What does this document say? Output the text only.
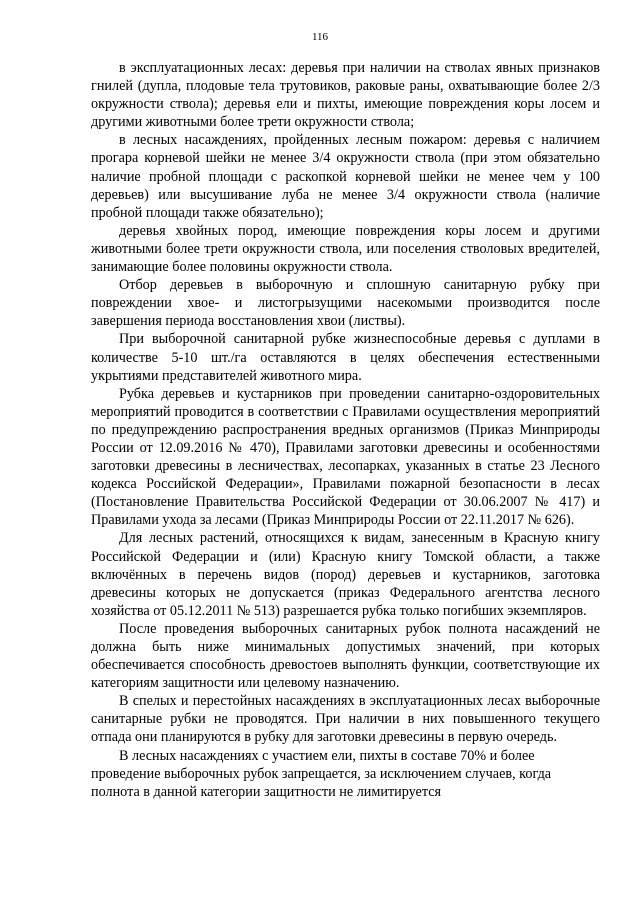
116

в эксплуатационных лесах: деревья при наличии на стволах явных признаков гнилей (дупла, плодовые тела трутовиков, раковые раны, охватывающие более 2/3 окружности ствола); деревья ели и пихты, имеющие повреждения коры лосем и другими животными более трети окружности ствола;

в лесных насаждениях, пройденных лесным пожаром: деревья с наличием прогара корневой шейки не менее 3/4 окружности ствола (при этом обязательно наличие пробной площади с раскопкой корневой шейки не менее чем у 100 деревьев) или высушивание луба не менее 3/4 окружности ствола (наличие пробной площади также обязательно);

деревья хвойных пород, имеющие повреждения коры лосем и другими животными более трети окружности ствола, или поселения стволовых вредителей, занимающие более половины окружности ствола.

Отбор деревьев в выборочную и сплошную санитарную рубку при повреждении хвое- и листогрызущими насекомыми производится после завершения периода восстановления хвои (листвы).

При выборочной санитарной рубке жизнеспособные деревья с дуплами в количестве 5-10 шт./га оставляются в целях обеспечения естественными укрытиями представителей животного мира.

Рубка деревьев и кустарников при проведении санитарно-оздоровительных мероприятий проводится в соответствии с Правилами осуществления мероприятий по предупреждению распространения вредных организмов (Приказ Минприроды России от 12.09.2016 № 470), Правилами заготовки древесины и особенностями заготовки древесины в лесничествах, лесопарках, указанных в статье 23 Лесного кодекса Российской Федерации», Правилами пожарной безопасности в лесах (Постановление Правительства Российской Федерации от 30.06.2007 № 417) и Правилами ухода за лесами (Приказ Минприроды России от 22.11.2017 № 626).

Для лесных растений, относящихся к видам, занесенным в Красную книгу Российской Федерации и (или) Красную книгу Томской области, а также включённых в перечень видов (пород) деревьев и кустарников, заготовка древесины которых не допускается (приказ Федерального агентства лесного хозяйства от 05.12.2011 № 513) разрешается рубка только погибших экземпляров.

После проведения выборочных санитарных рубок полнота насаждений не должна быть ниже минимальных допустимых значений, при которых обеспечивается способность древостоев выполнять функции, соответствующие их категориям защитности или целевому назначению.

В спелых и перестойных насаждениях в эксплуатационных лесах выборочные санитарные рубки не проводятся. При наличии в них повышенного текущего отпада они планируются в рубку для заготовки древесины в первую очередь.

В лесных насаждениях с участием ели, пихты в составе 70% и более проведение выборочных рубок запрещается, за исключением случаев, когда полнота в данной категории защитности не лимитируется
